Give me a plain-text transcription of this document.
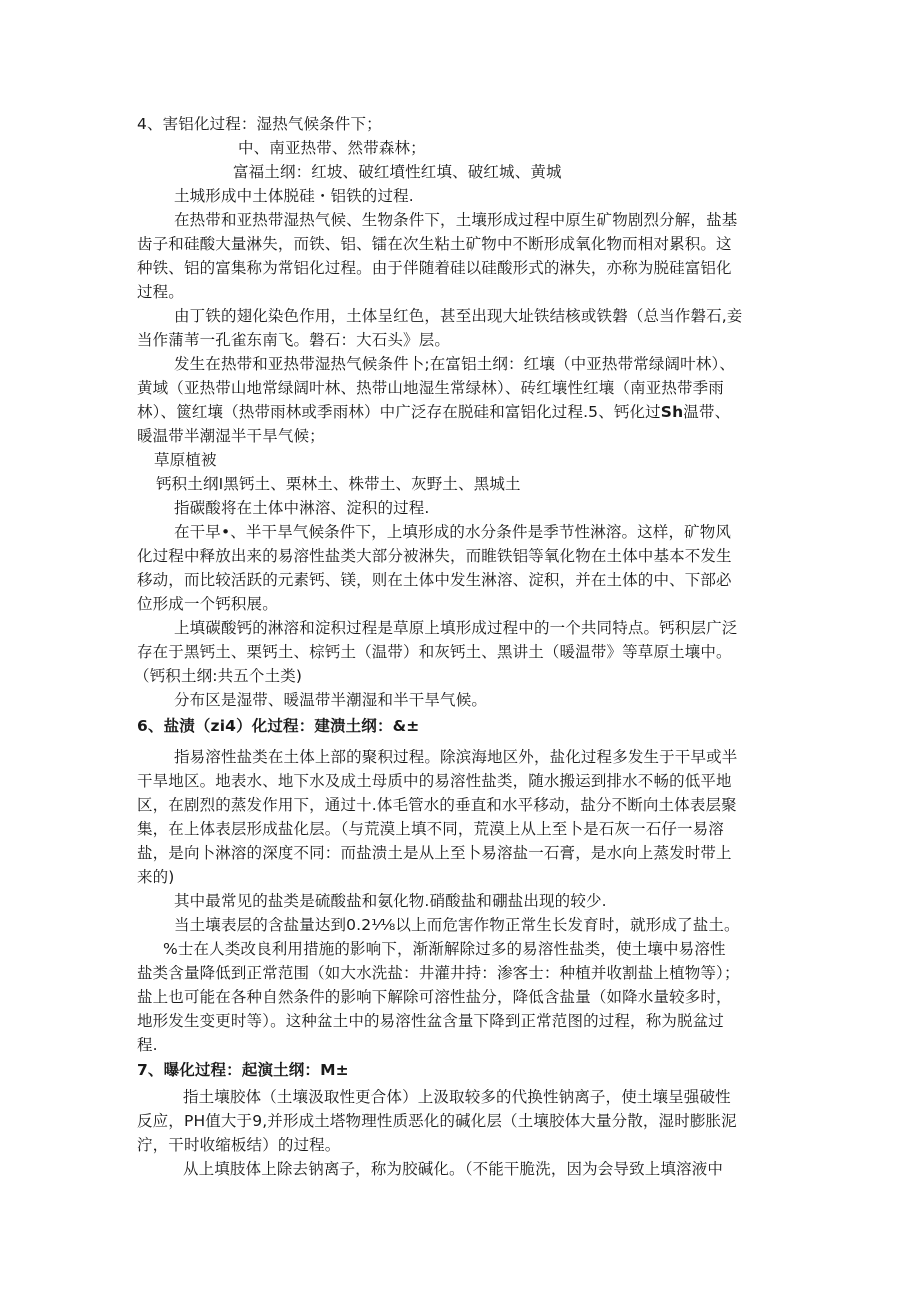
4、害铝化过程：湿热气候条件下；
中、南亚热带、然带森林；
富福土纲：红坡、破红墳性红填、破红城、黄城
土城形成中土体脱硅・铝铁的过程.
在热带和亚热带湿热气候、生物条件下，土壤形成过程中原生矿物剧烈分解，盐基
齿子和硅酸大量淋失，而铁、铝、镭在次生粘土矿物中不断形成氧化物而相对累积。这
种铁、铝的富集称为常铝化过程。由于伴随着硅以硅酸形式的淋失，亦称为脱硅富铝化
过程。
由丁铁的翅化染色作用，土体呈红色，甚至出现大址铁结核或铁磐（总当作磐石,妾
当作蒲苇一孔雀东南飞。磐石：大石头》层。
发生在热带和亚热带湿热气候条件卜;在富铝土纲：红壤（中亚热带常绿阔叶林）、
黄域（亚热带山地常绿阔叶林、热带山地湿生常绿林）、砖红壤性红壤（南亚热带季雨
林）、篋红壤（热带雨林或季雨林）中广泛存在脱硅和富铝化过程.5、钙化过Sh温带、
暖温带半潮湿半干旱气候；
草原植被
钙积土纲I黑钙土、栗林土、株带土、灰野土、黑城土
指碳酸将在土体中淋溶、淀积的过程.
在干早•、半干旱气候条件下，上填形成的水分条件是季节性淋溶。这样，矿物风
化过程中释放出来的易溶性盐类大部分被淋失，而睢铁铝等氧化物在土体中基本不发生
移动，而比较活跃的元素钙、镁，则在土体中发生淋溶、淀积，并在土体的中、下部必
位形成一个钙积展。
上填碳酸钙的淋溶和淀积过程是草原上填形成过程中的一个共同特点。钙积层广泛
存在于黑钙土、栗钙土、棕钙土（温带）和灰钙土、黑讲土（暖温带》等草原土壤中。
（钙积土纲:共五个土类)
分布区是湿带、暖温带半潮湿和半干旱气候。
6、盐渍（zi4）化过程：建溃土纲：&±
指易溶性盐类在土体上部的聚积过程。除滨海地区外，盐化过程多发生于干早或半
干旱地区。地表水、地下水及成土母质中的易溶性盐类，随水搬运到排水不畅的低平地
区，在剧烈的蒸发作用下，通过十.体毛管水的垂直和水平移动，盐分不断向土体表层聚
集，在上体表层形成盐化层。（与荒漠上填不同，荒漠上从上至卜是石灰一石仔一易溶
盐，是向卜淋溶的深度不同：而盐溃土是从上至卜易溶盐一石膏，是水向上蒸发时带上
来的)
其中最常见的盐类是硫酸盐和氨化物.硝酸盐和硼盐出现的较少.
当土壤表层的含盐量达到0.2⅟⅛以上而危害作物正常生长发育时，就形成了盐土。
%士在人类改良利用措施的影响下，渐渐解除过多的易溶性盐类，使土壤中易溶性
盐类含量降低到正常范围（如大水洗盐：井灌井持：渗客士：种植并收割盐上植物等）；
盐上也可能在各种自然条件的影响下解除可溶性盐分，降低含盐量（如降水量较多时，
地形发生变更时等）。这种盆土中的易溶性盆含量下降到正常范图的过程，称为脱盆过
程.
7、曝化过程：起演土纲：M±
指土壤胶体（土壤汲取性更合体）上汲取较多的代换性钠离子，使土壤呈强破性
反应，PH值大于9,并形成土塔物理性质恶化的碱化层（土壤胶体大量分散，湿时膨胀泥
泞，干时收缩板结）的过程。
从上填肢体上除去钠离子，称为胶碱化。（不能干脆洗，因为会导致上填溶液中
